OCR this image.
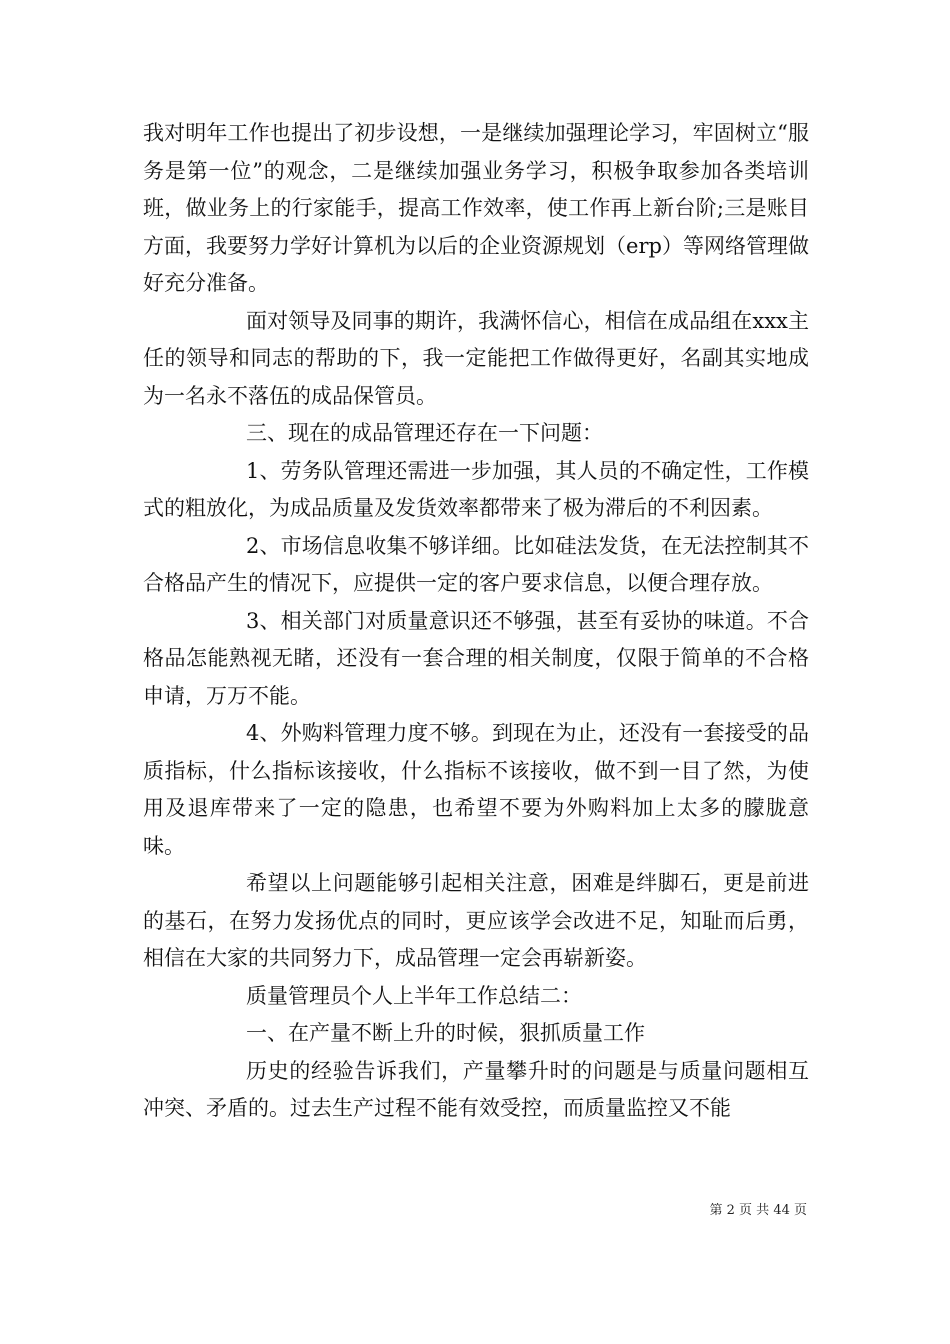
我对明年工作也提出了初步设想，一是继续加强理论学习，牢固树立“服务是第一位”的观念，二是继续加强业务学习，积极争取参加各类培训班，做业务上的行家能手，提高工作效率，使工作再上新台阶;三是账目方面，我要努力学好计算机为以后的企业资源规划（erp）等网络管理做好充分准备。

面对领导及同事的期许，我满怀信心，相信在成品组在xxx主任的领导和同志的帮助的下，我一定能把工作做得更好，名副其实地成为一名永不落伍的成品保管员。

三、现在的成品管理还存在一下问题：

1、劳务队管理还需进一步加强，其人员的不确定性，工作模式的粗放化，为成品质量及发货效率都带来了极为滞后的不利因素。

2、市场信息收集不够详细。比如硅法发货，在无法控制其不合格品产生的情况下，应提供一定的客户要求信息，以便合理存放。

3、相关部门对质量意识还不够强，甚至有妥协的味道。不合格品怎能熟视无睹，还没有一套合理的相关制度，仅限于简单的不合格申请，万万不能。

4、外购料管理力度不够。到现在为止，还没有一套接受的品质指标，什么指标该接收，什么指标不该接收，做不到一目了然，为使用及退库带来了一定的隐患，也希望不要为外购料加上太多的朦胧意味。

希望以上问题能够引起相关注意，困难是绊脚石，更是前进的基石，在努力发扬优点的同时，更应该学会改进不足，知耻而后勇，相信在大家的共同努力下，成品管理一定会再崭新姿。

质量管理员个人上半年工作总结二：

一、在产量不断上升的时候，狠抓质量工作

历史的经验告诉我们，产量攀升时的问题是与质量问题相互冲突、矛盾的。过去生产过程不能有效受控，而质量监控又不能

第 2 页 共 44 页
